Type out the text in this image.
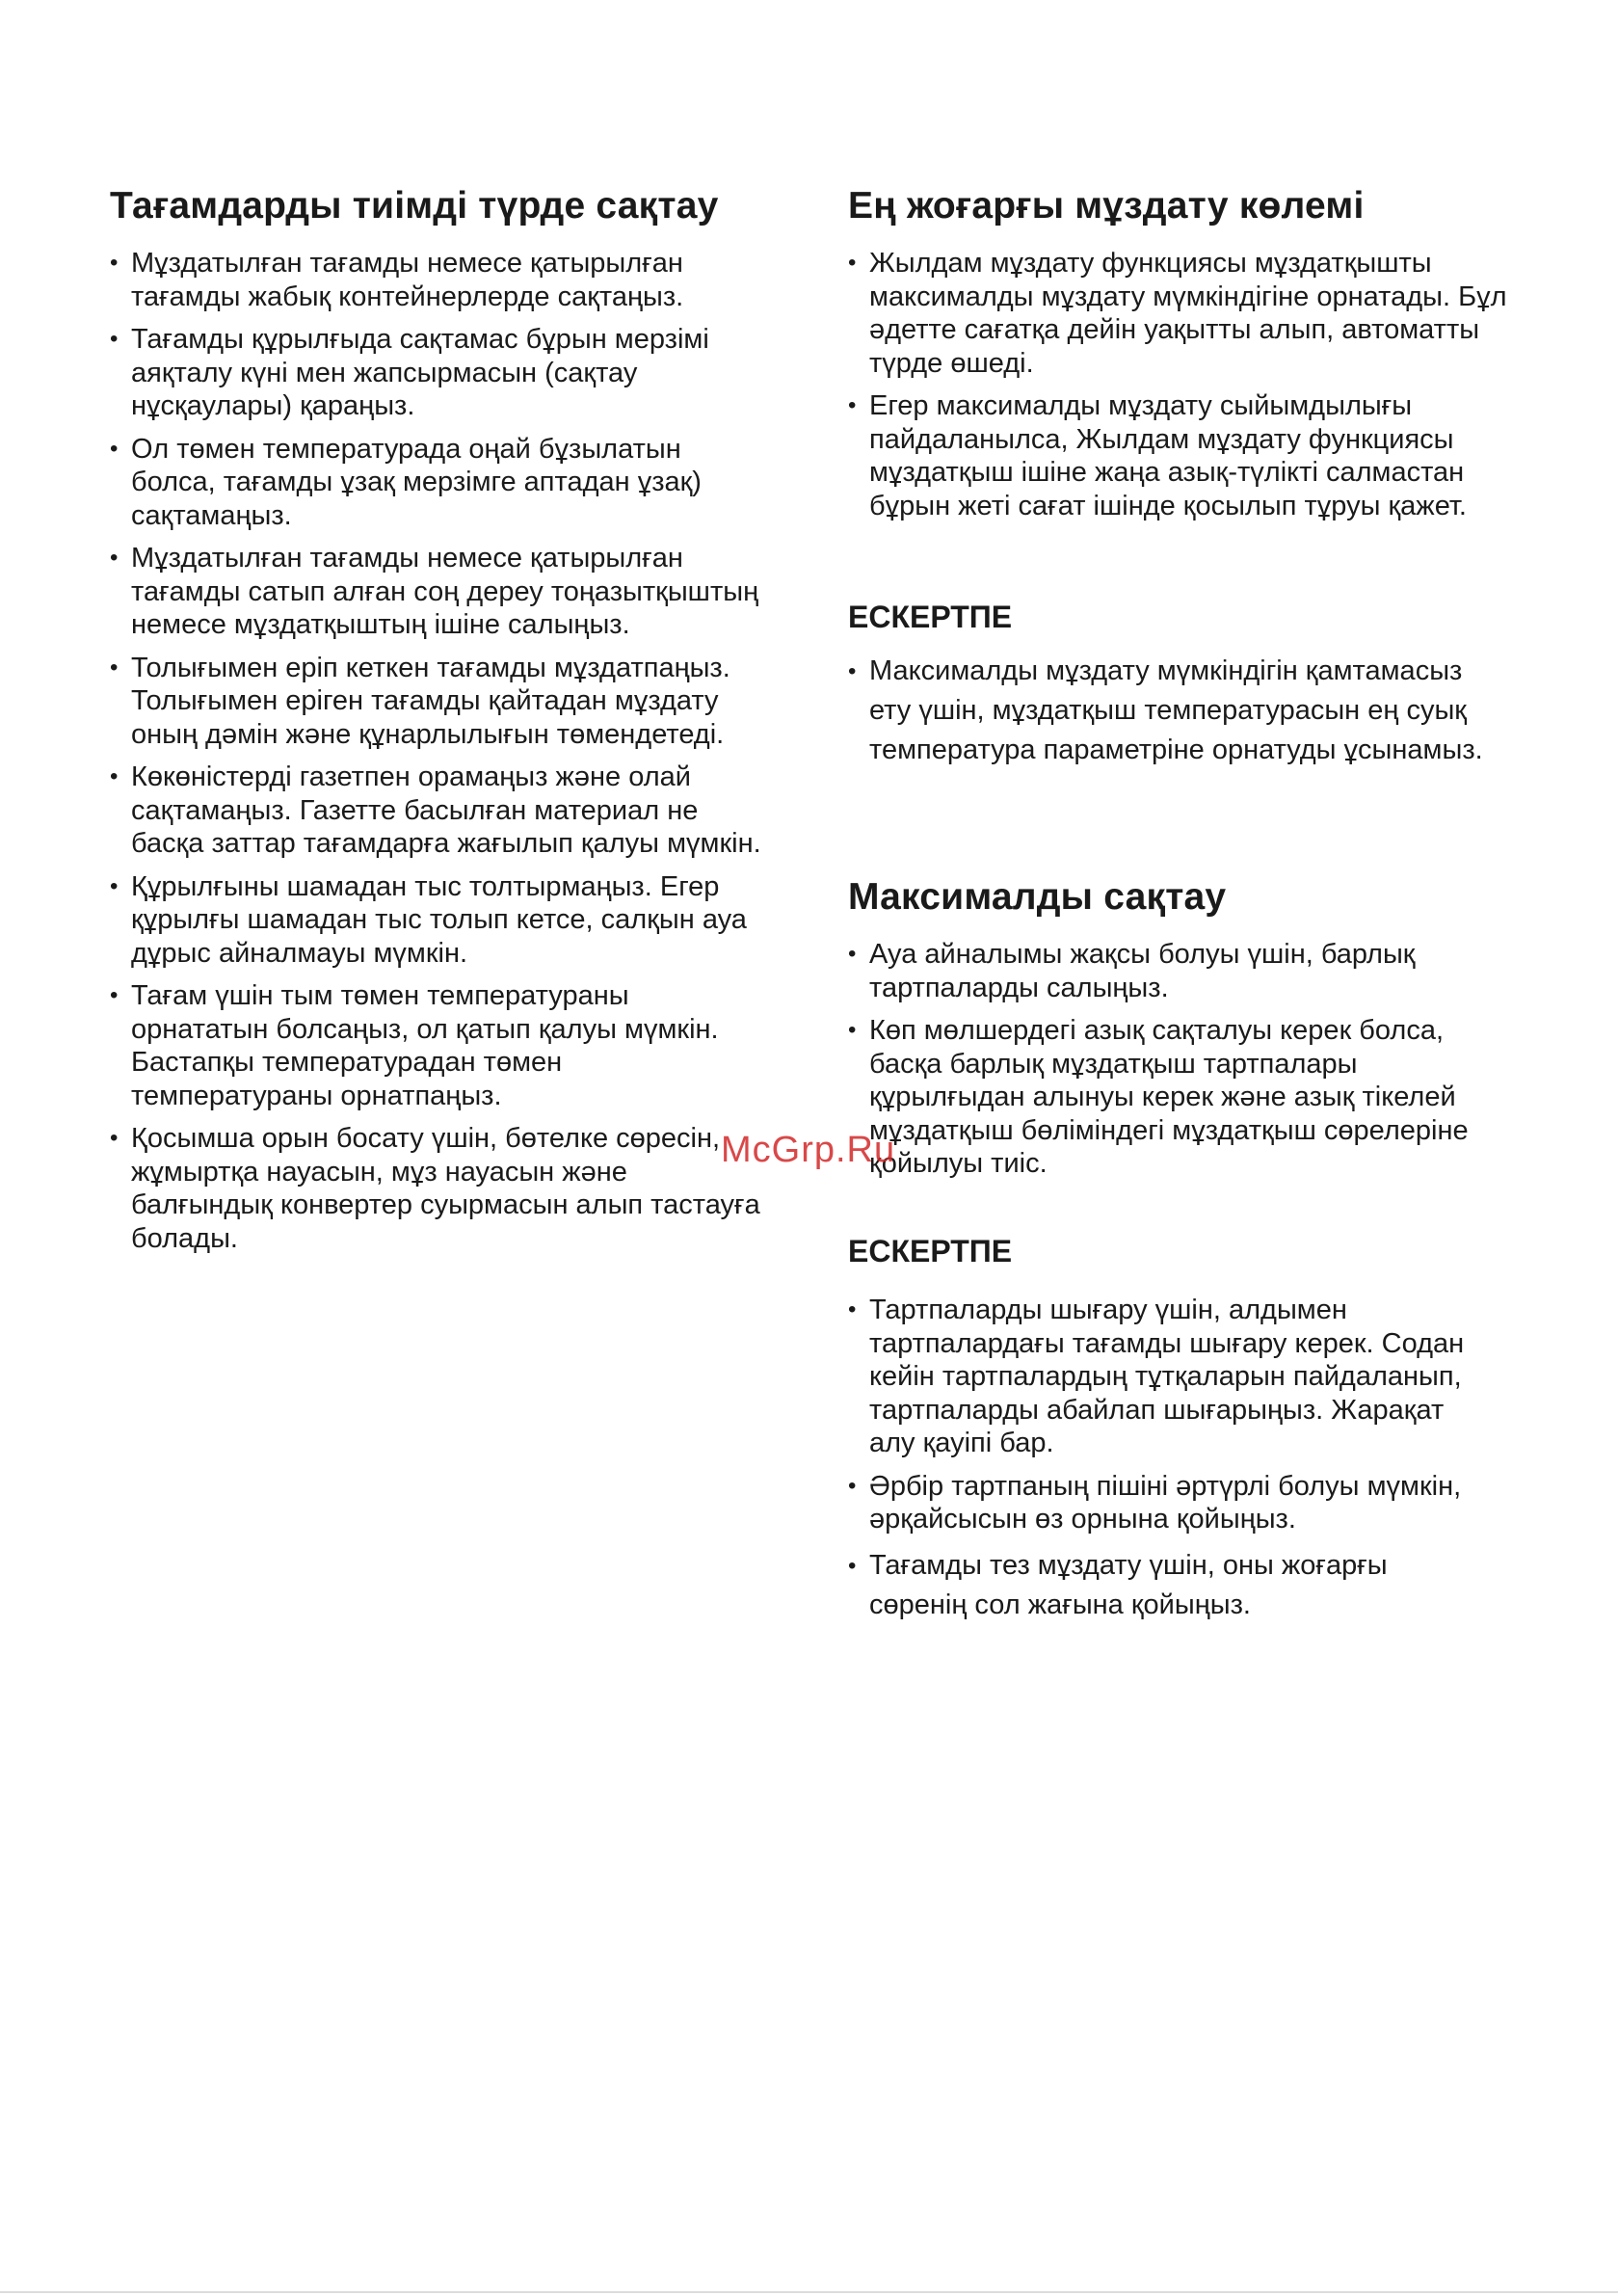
Тағамдарды тиімді түрде сақтау
• Мұздатылған тағамды немесе қатырылған тағамды жабық контейнерлерде сақтаңыз.
• Тағамды құрылғыда сақтамас бұрын мерзімі аяқталу күні мен жапсырмасын (сақтау нұсқаулары) қараңыз.
• Ол төмен температурада оңай бұзылатын болса, тағамды ұзақ мерзімге аптадан ұзақ) сақтамаңыз.
• Мұздатылған тағамды немесе қатырылған тағамды сатып алған соң дереу тоңазытқыштың немесе мұздатқыштың ішіне салыңыз.
• Толығымен еріп кеткен тағамды мұздатпаңыз. Толығымен еріген тағамды қайтадан мұздату оның дәмін және құнарлылығын төмендетеді.
• Көкөністерді газетпен орамаңыз және олай сақтамаңыз. Газетте басылған материал не басқа заттар тағамдарға жағылып қалуы мүмкін.
• Құрылғыны шамадан тыс толтырмаңыз. Егер құрылғы шамадан тыс толып кетсе, салқын ауа дұрыс айналмауы мүмкін.
• Тағам үшін тым төмен температураны орнататын болсаңыз, ол қатып қалуы мүмкін. Бастапқы температурадан төмен температураны орнатпаңыз.
• Қосымша орын босату үшін, бөтелке сөресін, жұмыртқа науасын, мұз науасын және балғындық конвертер суырмасын алып тастауға болады.
Ең жоғарғы мұздату көлемі
• Жылдам мұздату функциясы мұздатқышты максималды мұздату мүмкіндігіне орнатады. Бұл әдетте сағатқа дейін уақытты алып, автоматты түрде өшеді.
• Егер максималды мұздату сыйымдылығы пайдаланылса, Жылдам мұздату функциясы мұздатқыш ішіне жаңа азық-түлікті салмастан бұрын жеті сағат ішінде қосылып тұруы қажет.
ЕСКЕРТПЕ
• Максималды мұздату мүмкіндігін қамтамасыз ету үшін, мұздатқыш температурасын ең суық температура параметріне орнатуды ұсынамыз.
Максималды сақтау
• Ауа айналымы жақсы болуы үшін, барлық тартпаларды салыңыз.
• Көп мөлшердегі азық сақталуы керек болса, басқа барлық мұздатқыш тартпалары құрылғыдан алынуы керек және азық тікелей мұздатқыш бөліміндегі мұздатқыш сөрелеріне қойылуы тиіс.
ЕСКЕРТПЕ
• Тартпаларды шығару үшін, алдымен тартпалардағы тағамды шығару керек. Содан кейін тартпалардың тұтқаларын пайдаланып, тартпаларды абайлап шығарыңыз. Жарақат алу қауіпі бар.
• Әрбір тартпаның пішіні әртүрлі болуы мүмкін, әрқайсысын өз орнына қойыңыз.
• Тағамды тез мұздату үшін, оны жоғарғы сөренің сол жағына қойыңыз.
McGrp.Ru
